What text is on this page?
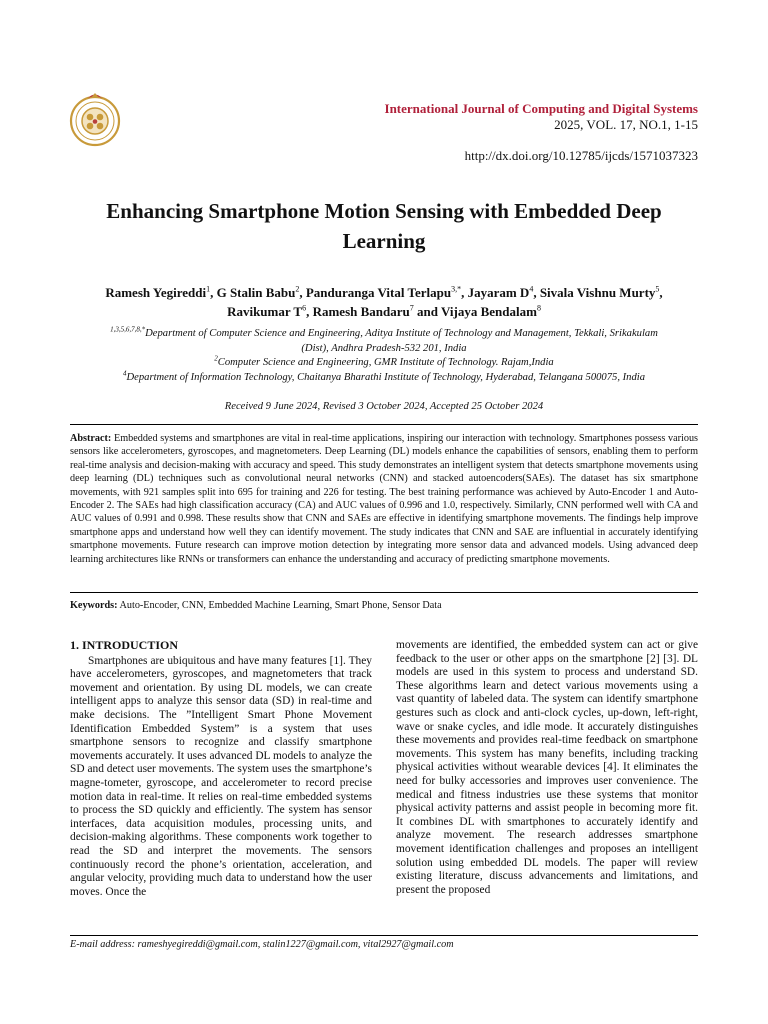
International Journal of Computing and Digital Systems
2025, VOL. 17, NO.1, 1-15
http://dx.doi.org/10.12785/ijcds/1571037323
Enhancing Smartphone Motion Sensing with Embedded Deep
Learning
Ramesh Yegireddi$^1$, G Stalin Babu$^2$, Panduranga Vital Terlapu$^{3,*}$, Jayaram $D^4$, Sivala Vishnu Murty$^5$,
Ravikumar $T^6$, Ramesh Bandaru$^7$ and Vijaya Bendalam$^8$
$^{1,3,5,6,7,8,*}$Department of Computer Science and Engineering, Aditya Institute of Technology and Management, Tekkali, Srikakulam
(Dist), Andhra Pradesh-532 201, India
$^2$Computer Science and Engineering, GMR Institute of Technology. Rajam,India
$^4$Department of Information Technology, Chaitanya Bharathi Institute of Technology, Hyderabad, Telangana 500075, India
Received 9 June 2024, Revised 3 October 2024, Accepted 25 October 2024
Abstract: Embedded systems and smartphones are vital in real-time applications, inspiring our interaction with technology. Smartphones possess various sensors like accelerometers, gyroscopes, and magnetometers. Deep Learning (DL) models enhance the capabilities of sensors, enabling them to perform real-time analysis and decision-making with accuracy and speed. This study demonstrates an intelligent system that detects smartphone movements using deep learning (DL) techniques such as convolutional neural networks (CNN) and stacked autoencoders(SAEs). The dataset has six smartphone movements, with 921 samples split into 695 for training and 226 for testing. The best training performance was achieved by Auto-Encoder 1 and Auto-Encoder 2. The SAEs had high classification accuracy (CA) and AUC values of 0.996 and 1.0, respectively. Similarly, CNN performed well with CA and AUC values of 0.991 and 0.998. These results show that CNN and SAEs are effective in identifying smartphone movements. The findings help improve smartphone apps and understand how well they can identify movement. The study indicates that CNN and SAE are influential in accurately identifying smartphone movements. Future research can improve motion detection by integrating more sensor data and advanced models. Using advanced deep learning architectures like RNNs or transformers can enhance the understanding and accuracy of predicting smartphone movements.
Keywords: Auto-Encoder, CNN, Embedded Machine Learning, Smart Phone, Sensor Data
1. INTRODUCTION

Smartphones are ubiquitous and have many features [1]. They have accelerometers, gyroscopes, and magnetometers that track movement and orientation. By using DL models, we can create intelligent apps to analyze this sensor data (SD) in real-time and make decisions. The ”Intelligent Smart Phone Movement Identification Embedded System” is a system that uses smartphone sensors to recognize and classify smartphone movements accurately. It uses advanced DL models to analyze the SD and detect user movements. The system uses the smartphone’s magne-tometer, gyroscope, and accelerometer to record precise motion data in real-time. It relies on real-time embedded systems to process the SD quickly and efficiently. The system has sensor interfaces, data acquisition modules, processing units, and decision-making algorithms. These components work together to read the SD and interpret the movements. The sensors continuously record the phone’s orientation, acceleration, and angular velocity, providing much data to understand how the user moves. Once the

movements are identified, the embedded system can act or give feedback to the user or other apps on the smartphone [2] [3]. DL models are used in this system to process and understand SD. These algorithms learn and detect various movements using a vast quantity of labeled data. The system can identify smartphone gestures such as clock and anti-clock cycles, up-down, left-right, wave or snake cycles, and idle mode. It accurately distinguishes these movements and provides real-time feedback on smartphone movements. This system has many benefits, including tracking physical activities without wearable devices [4]. It eliminates the need for bulky accessories and improves user convenience. The medical and fitness industries use these systems that monitor physical activity patterns and assist people in becoming more fit. It combines DL with smartphones to accurately identify and analyze movement. The research addresses smartphone movement identification challenges and proposes an intelligent solution using embedded DL models. The paper will review existing literature, discuss advancements and limitations, and present the proposed

E-mail address: rameshyegireddi@gmail.com, stalin1227@gmail.com, vital2927@gmail.com
